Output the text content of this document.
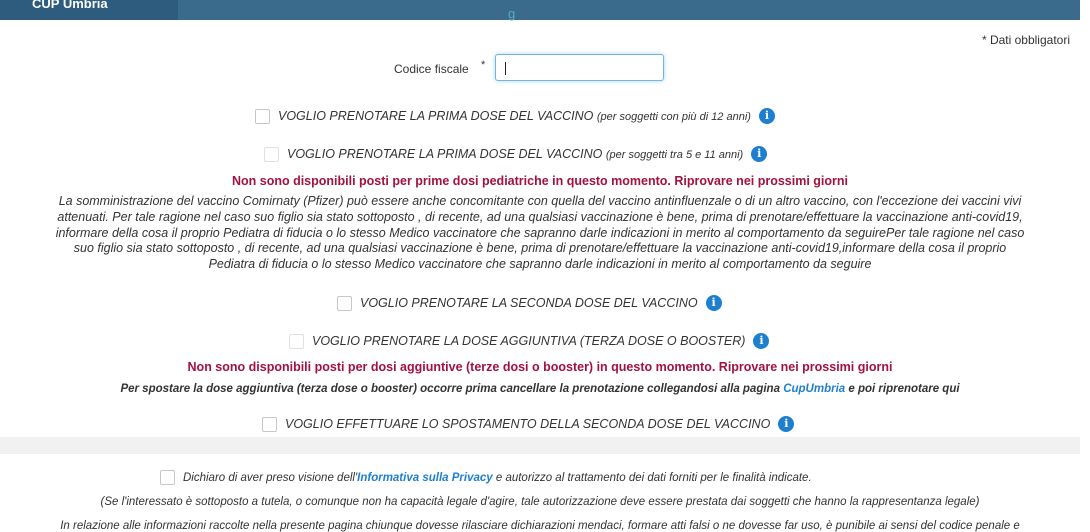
CUP Umbria
g
* Dati obbligatori
Codice fiscale *
VOGLIO PRENOTARE LA PRIMA DOSE DEL VACCINO (per soggetti con più di 12 anni)	i
VOGLIO PRENOTARE LA PRIMA DOSE DEL VACCINO (per soggetti tra 5 e 11 anni)	i
Non sono disponibili posti per prime dosi pediatriche in questo momento. Riprovare nei prossimi giorni
La somministrazione del vaccino Comirnaty (Pfizer) può essere anche concomitante con quella del vaccino antinfluenzale o di un altro vaccino, con l'eccezione dei vaccini vivi
attenuati. Per tale ragione nel caso suo figlio sia stato sottoposto , di recente, ad una qualsiasi vaccinazione è bene, prima di prenotare/effettuare la vaccinazione anti-covid19,
informare della cosa il proprio Pediatra di fiducia o lo stesso Medico vaccinatore che sapranno darle indicazioni in merito al comportamento da seguirePer tale ragione nel caso
suo figlio sia stato sottoposto , di recente, ad una qualsiasi vaccinazione è bene, prima di prenotare/effettuare la vaccinazione anti-covid19,informare della cosa il proprio
Pediatra di fiducia o lo stesso Medico vaccinatore che sapranno darle indicazioni in merito al comportamento da seguire
VOGLIO PRENOTARE LA SECONDA DOSE DEL VACCINO	i
VOGLIO PRENOTARE LA DOSE AGGIUNTIVA (TERZA DOSE O BOOSTER)	i
Non sono disponibili posti per dosi aggiuntive (terze dosi o booster) in questo momento. Riprovare nei prossimi giorni
Per spostare la dose aggiuntiva (terza dose o booster) occorre prima cancellare la prenotazione collegandosi alla pagina CupUmbria e poi riprenotare qui
VOGLIO EFFETTUARE LO SPOSTAMENTO DELLA SECONDA DOSE DEL VACCINO	i
Dichiaro di aver preso visione dell'Informativa sulla Privacy e autorizzo al trattamento dei dati forniti per le finalità indicate.
(Se l'interessato è sottoposto a tutela, o comunque non ha capacità legale d'agire, tale autorizzazione deve essere prestata dai soggetti che hanno la rappresentanza legale)
In relazione alle informazioni raccolte nella presente pagina chiunque dovesse rilasciare dichiarazioni mendaci, formare atti falsi o ne dovesse far uso, è punibile ai sensi del codice penale e
